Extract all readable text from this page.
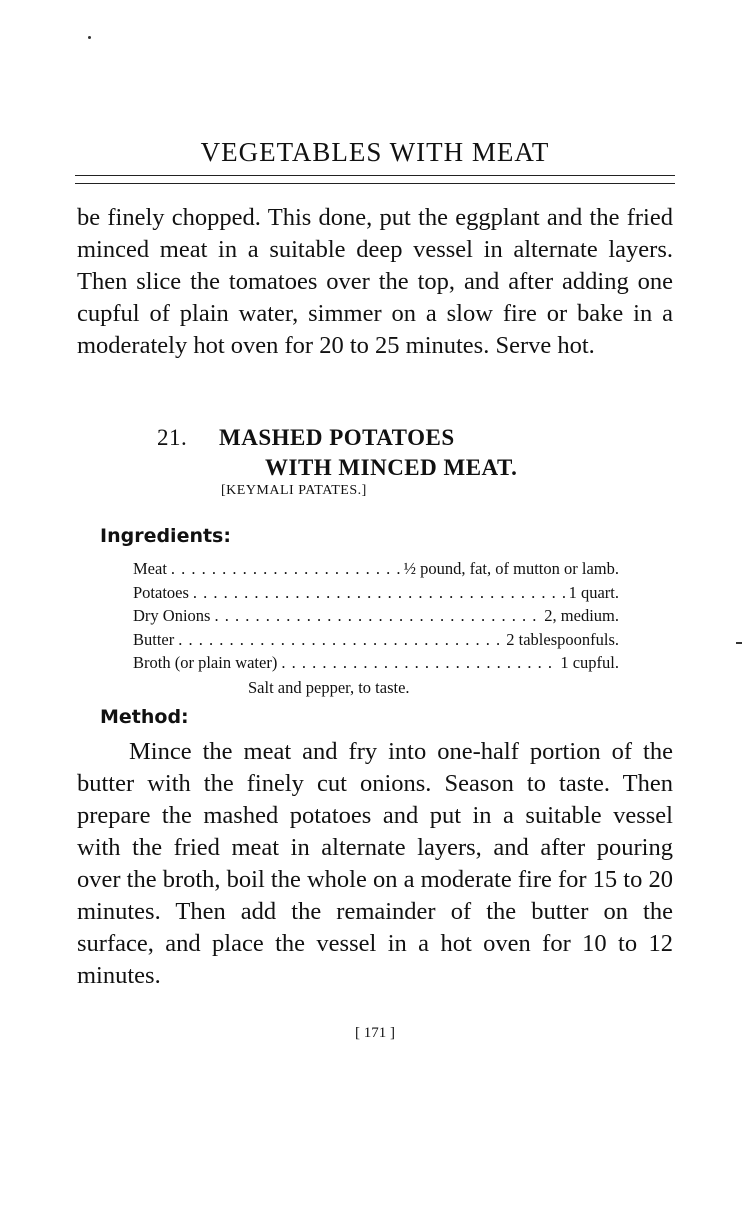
VEGETABLES WITH MEAT

be finely chopped. This done, put the eggplant and the fried minced meat in a suitable deep vessel in alternate layers. Then slice the tomatoes over the top, and after adding one cupful of plain water, simmer on a slow fire or bake in a moderately hot oven for 20 to 25 minutes. Serve hot.

21. MASHED POTATOES
WITH MINCED MEAT.
[KEYMALI PATATES.]
Ingredients:
Meat . . .	½ pound, fat, of mutton or lamb.
Potatoes . . .	1 quart.
Dry Onions . . .	2, medium.
Butter . . .	2 tablespoonfuls.
Broth (or plain water) . . .	1 cupful.
Salt and pepper, to taste.
Method:

Mince the meat and fry into one-half portion of the butter with the finely cut onions. Season to taste. Then prepare the mashed potatoes and put in a suitable vessel with the fried meat in alternate layers, and after pouring over the broth, boil the whole on a moderate fire for 15 to 20 minutes. Then add the remainder of the butter on the surface, and place the vessel in a hot oven for 10 to 12 minutes.

[ 171 ]
